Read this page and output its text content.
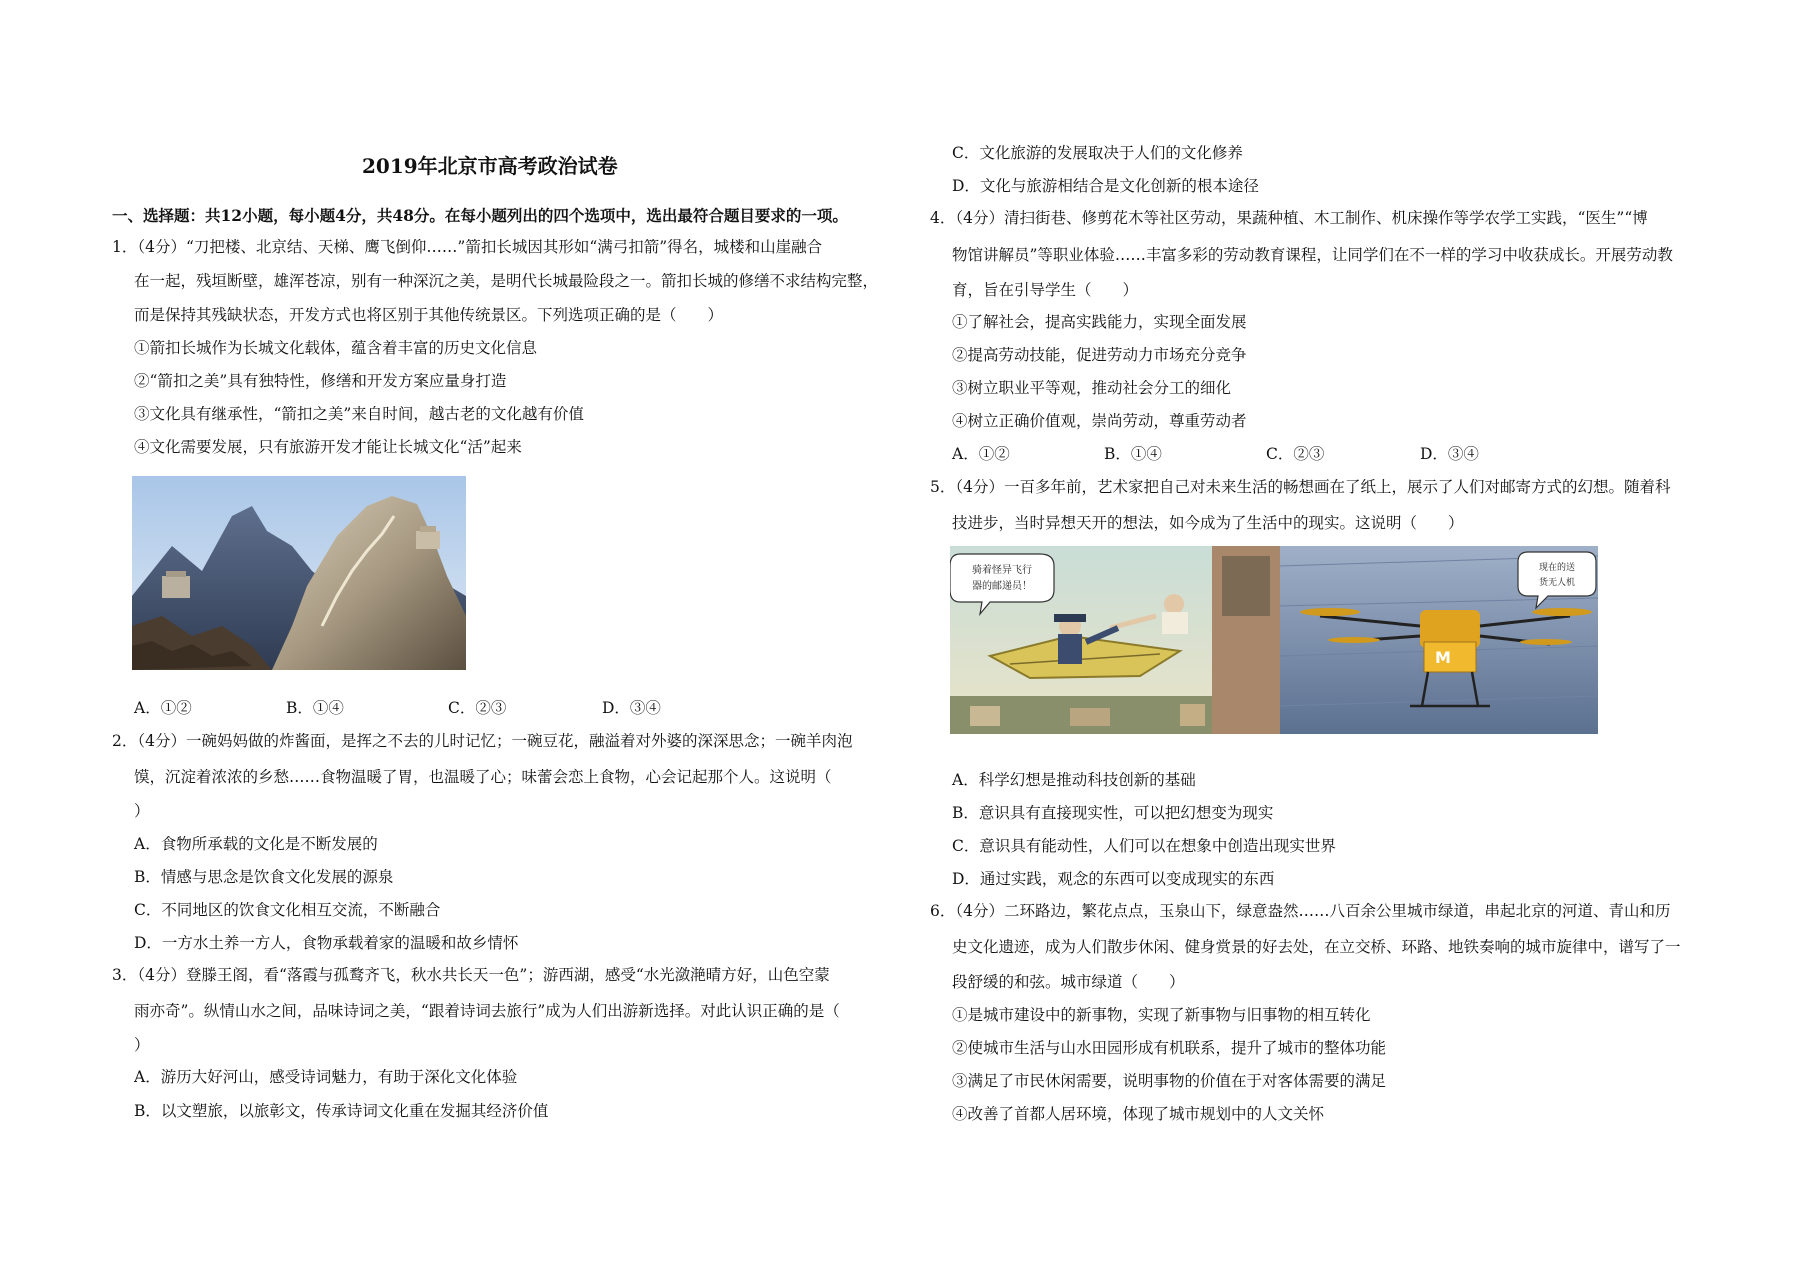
2019年北京市高考政治试卷
一、选择题：共12小题，每小题4分，共48分。在每小题列出的四个选项中，选出最符合题目要求的一项。
1．（4分）“刀把楼、北京结、天梯、鹰飞倒仰……”箭扣长城因其形如“满弓扣箭”得名，城楼和山崖融合
在一起，残垣断壁，雄浑苍凉，别有一种深沉之美，是明代长城最险段之一。箭扣长城的修缮不求结构完整，
而是保持其残缺状态，开发方式也将区别于其他传统景区。下列选项正确的是（　　）
①箭扣长城作为长城文化载体，蕴含着丰富的历史文化信息
②“箭扣之美”具有独特性，修缮和开发方案应量身打造
③文化具有继承性，“箭扣之美”来自时间，越古老的文化越有价值
④文化需要发展，只有旅游开发才能让长城文化“活”起来
A．①②	B．①④	C．②③	D．③④
2．（4分）一碗妈妈做的炸酱面，是挥之不去的儿时记忆；一碗豆花，融溢着对外婆的深深思念；一碗羊肉泡
馍，沉淀着浓浓的乡愁……食物温暖了胃，也温暖了心；味蕾会恋上食物，心会记起那个人。这说明（
）
A．食物所承载的文化是不断发展的
B．情感与思念是饮食文化发展的源泉
C．不同地区的饮食文化相互交流，不断融合
D．一方水土养一方人，食物承载着家的温暖和故乡情怀
3．（4分）登滕王阁，看“落霞与孤鹜齐飞，秋水共长天一色”；游西湖，感受“水光潋滟晴方好，山色空蒙
雨亦奇”。纵情山水之间，品味诗词之美，“跟着诗词去旅行”成为人们出游新选择。对此认识正确的是（
）
A．游历大好河山，感受诗词魅力，有助于深化文化体验
B．以文塑旅，以旅彰文，传承诗词文化重在发掘其经济价值
C．文化旅游的发展取决于人们的文化修养
D．文化与旅游相结合是文化创新的根本途径
4．（4分）清扫街巷、修剪花木等社区劳动，果蔬种植、木工制作、机床操作等学农学工实践，“医生”“博
物馆讲解员”等职业体验……丰富多彩的劳动教育课程，让同学们在不一样的学习中收获成长。开展劳动教
育，旨在引导学生（　　）
①了解社会，提高实践能力，实现全面发展
②提高劳动技能，促进劳动力市场充分竞争
③树立职业平等观，推动社会分工的细化
④树立正确价值观，崇尚劳动，尊重劳动者
A．①②	B．①④	C．②③	D．③④
5．（4分）一百多年前，艺术家把自己对未来生活的畅想画在了纸上，展示了人们对邮寄方式的幻想。随着科
技进步，当时异想天开的想法，如今成为了生活中的现实。这说明（　　）
骑着怪异飞行
器的邮递员！
M
现在的送
货无人机
A．科学幻想是推动科技创新的基础
B．意识具有直接现实性，可以把幻想变为现实
C．意识具有能动性，人们可以在想象中创造出现实世界
D．通过实践，观念的东西可以变成现实的东西
6．（4分）二环路边，繁花点点，玉泉山下，绿意盎然……八百余公里城市绿道，串起北京的河道、青山和历
史文化遗迹，成为人们散步休闲、健身赏景的好去处，在立交桥、环路、地铁奏响的城市旋律中，谱写了一
段舒缓的和弦。城市绿道（　　）
①是城市建设中的新事物，实现了新事物与旧事物的相互转化
②使城市生活与山水田园形成有机联系，提升了城市的整体功能
③满足了市民休闲需要，说明事物的价值在于对客体需要的满足
④改善了首都人居环境，体现了城市规划中的人文关怀
